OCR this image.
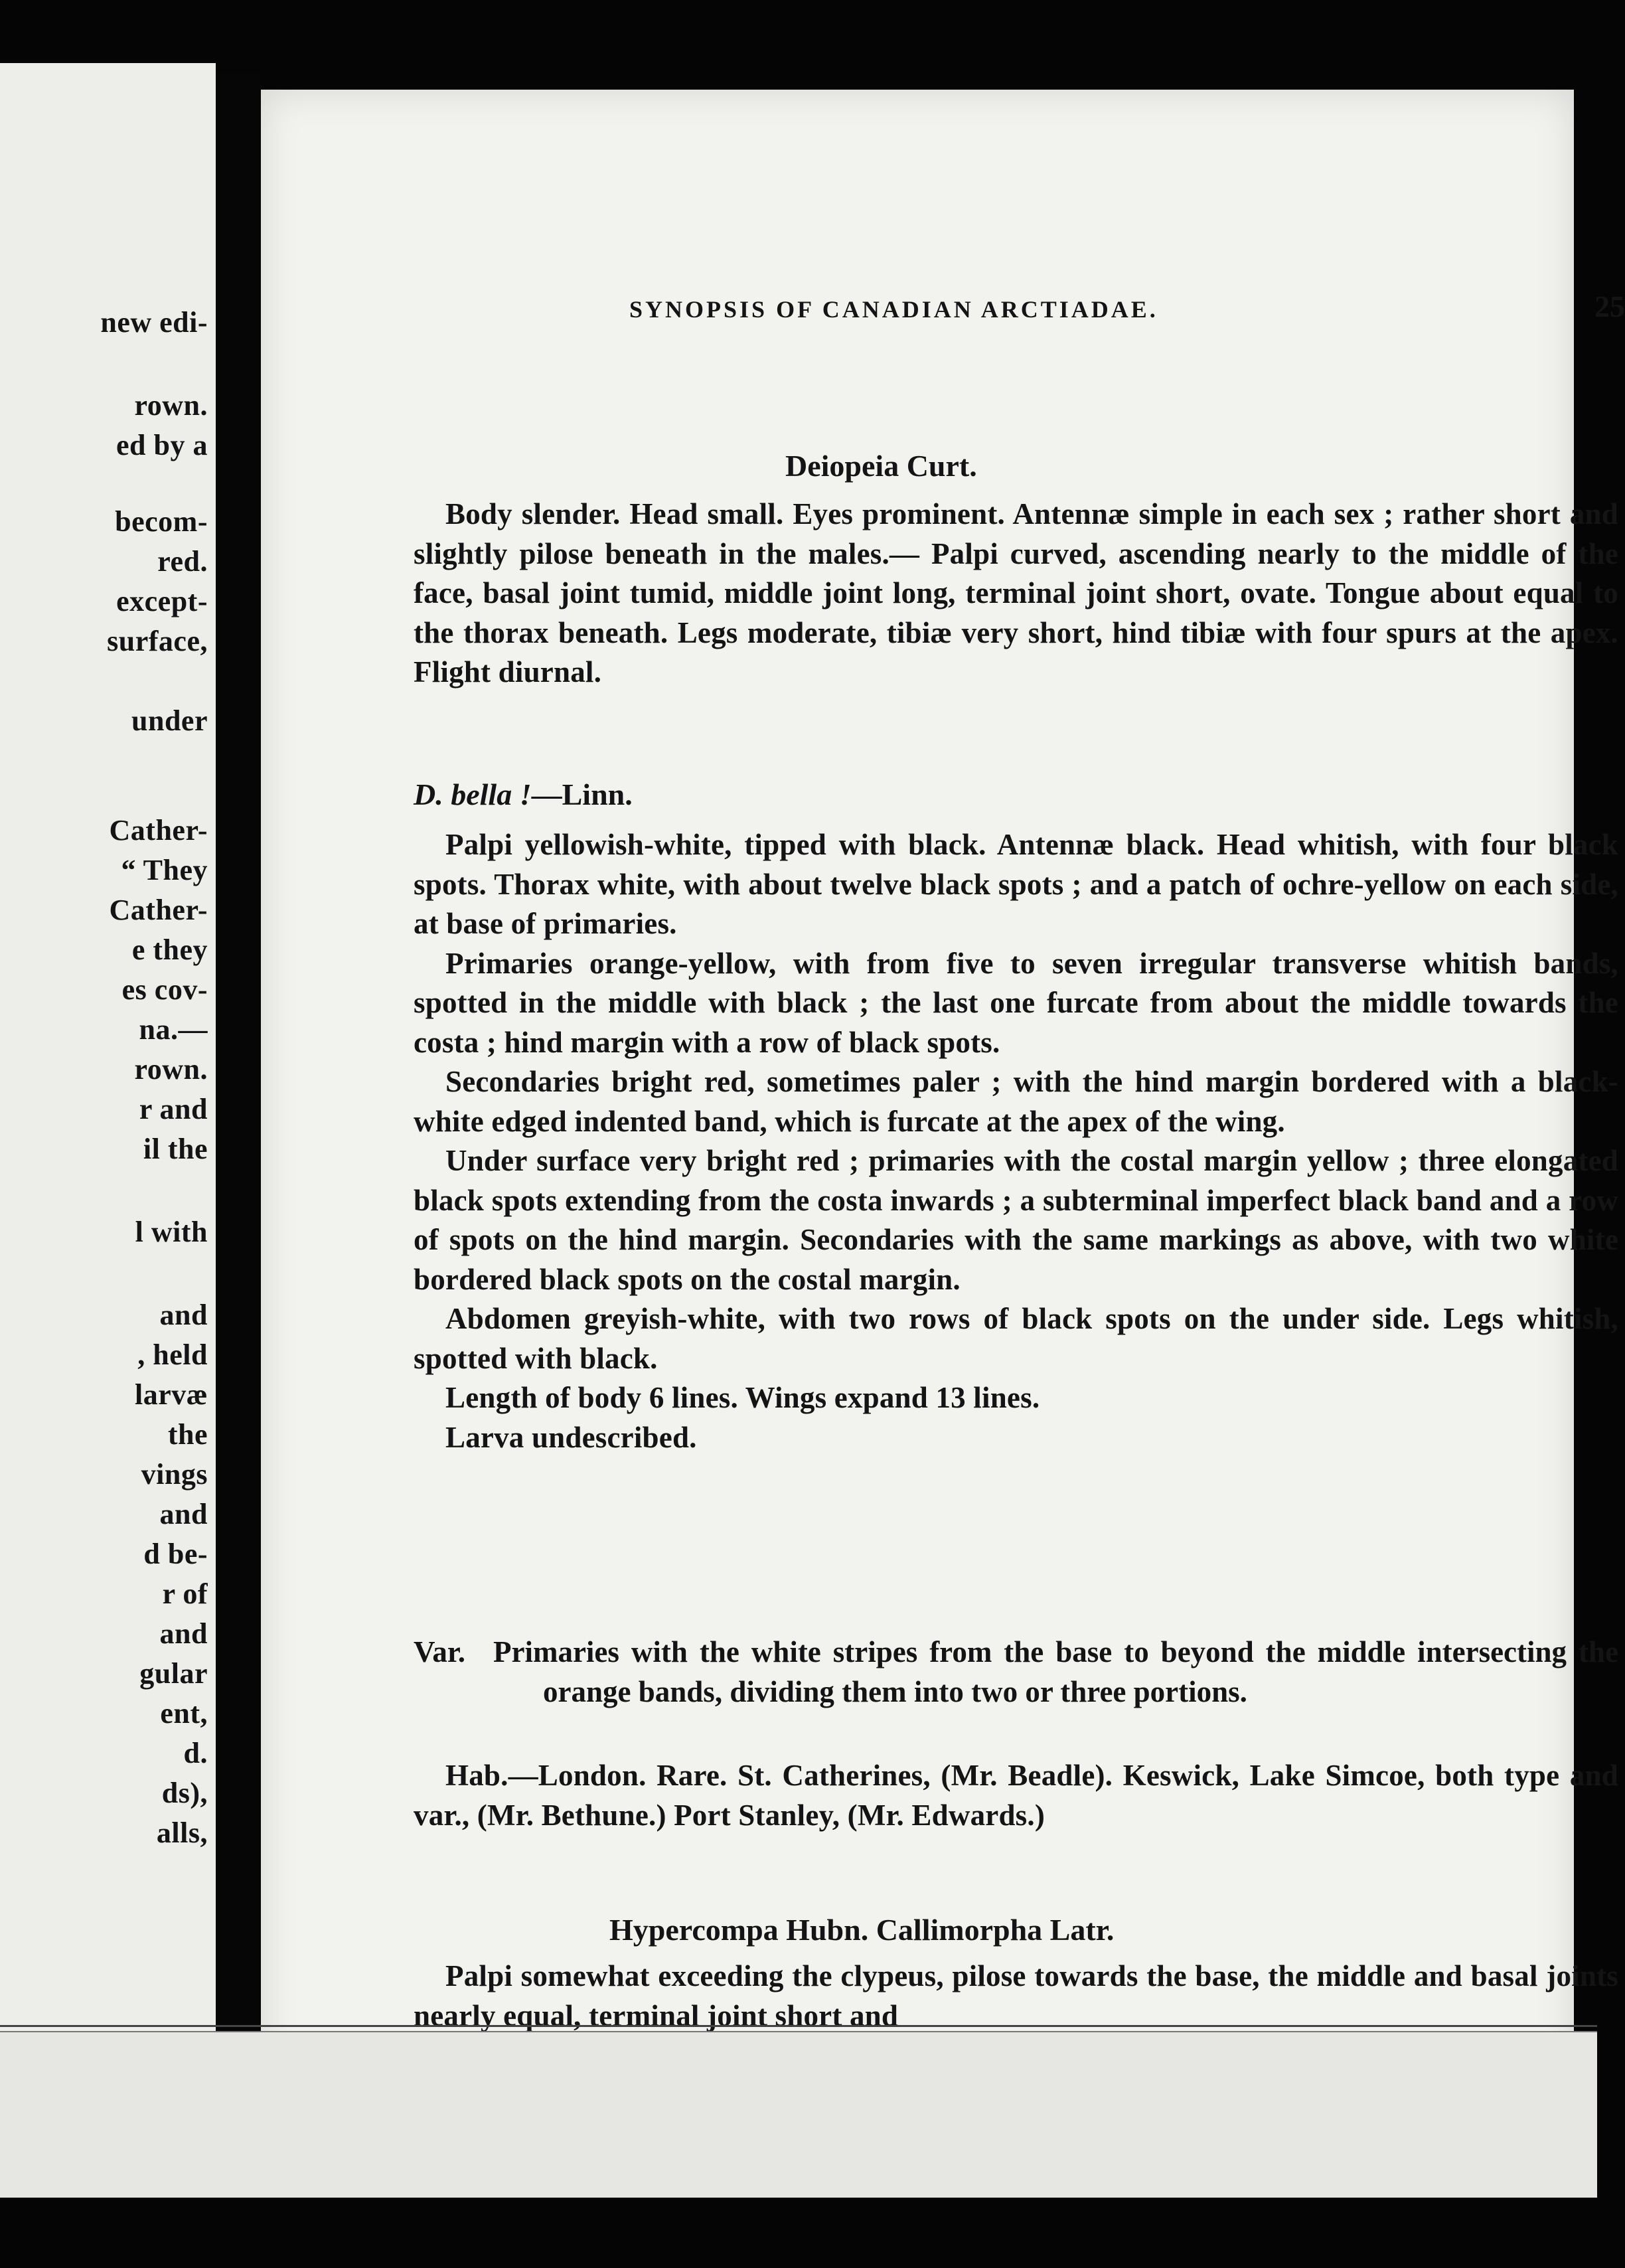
new edi-
rown.
ed by a
becom-
red.
except-
surface,
under
Cather-
“ They
Cather-
e they
es cov-
na.—
rown.
r and
il the
l with
and
, held
larvæ
the
vings
and
d be-
r of
and
gular
ent,
d.
ds),
alls,
SYNOPSIS OF CANADIAN ARCTIADAE.	25
Deiopeia Curt.

Body slender. Head small. Eyes prominent. Antennæ simple in each sex ; rather short and slightly pilose beneath in the males.— Palpi curved, ascending nearly to the middle of the face, basal joint tumid, middle joint long, terminal joint short, ovate. Tongue about equal to the thorax beneath. Legs moderate, tibiæ very short, hind tibiæ with four spurs at the apex. Flight diurnal.

D. bella !—Linn.

Palpi yellowish-white, tipped with black. Antennæ black. Head whitish, with four black spots. Thorax white, with about twelve black spots ; and a patch of ochre-yellow on each side, at base of primaries.

Primaries orange-yellow, with from five to seven irregular transverse whitish bands, spotted in the middle with black ; the last one furcate from about the middle towards the costa ; hind margin with a row of black spots.

Secondaries bright red, sometimes paler ; with the hind margin bordered with a black-white edged indented band, which is furcate at the apex of the wing.

Under surface very bright red ; primaries with the costal margin yellow ; three elongated black spots extending from the costa inwards ; a subterminal imperfect black band and a row of spots on the hind margin. Secondaries with the same markings as above, with two white bordered black spots on the costal margin.

Abdomen greyish-white, with two rows of black spots on the under side. Legs whitish, spotted with black.

Length of body 6 lines. Wings expand 13 lines.

Larva undescribed.

Var. Primaries with the white stripes from the base to beyond the middle intersecting the orange bands, dividing them into two or three portions.

Hab.—London. Rare. St. Catherines, (Mr. Beadle). Keswick, Lake Simcoe, both type and var., (Mr. Bethune.) Port Stanley, (Mr. Edwards.)

Hypercompa Hubn. Callimorpha Latr.

Palpi somewhat exceeding the clypeus, pilose towards the base, the middle and basal joints nearly equal, terminal joint short and
